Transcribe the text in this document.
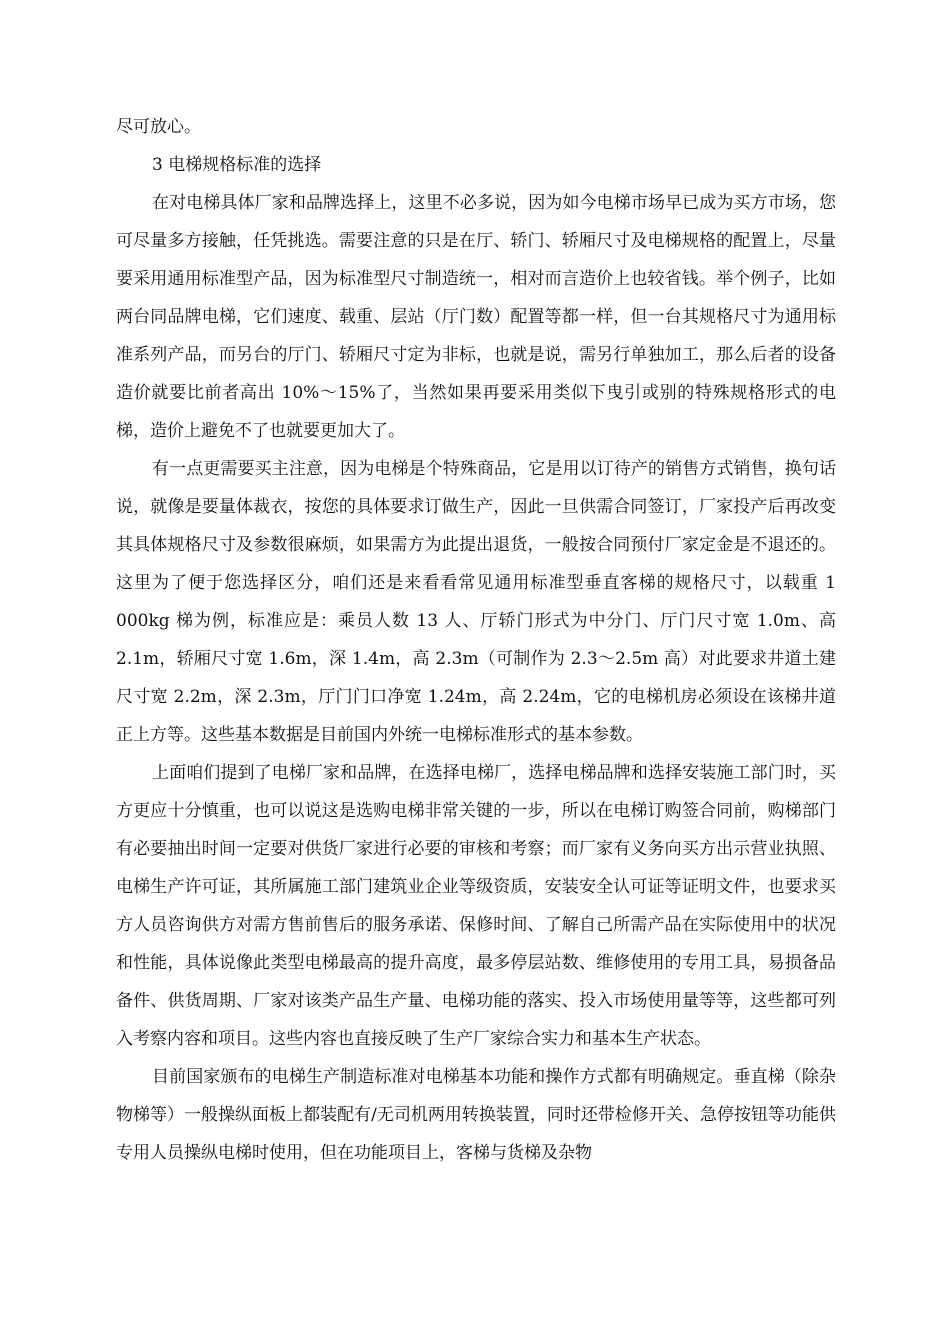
尽可放心。

3 电梯规格标准的选择

在对电梯具体厂家和品牌选择上，这里不必多说，因为如今电梯市场早已成为买方市场，您可尽量多方接触，任凭挑选。需要注意的只是在厅、轿门、轿厢尺寸及电梯规格的配置上，尽量要采用通用标准型产品，因为标准型尺寸制造统一，相对而言造价上也较省钱。举个例子，比如两台同品牌电梯，它们速度、载重、层站（厅门数）配置等都一样，但一台其规格尺寸为通用标准系列产品，而另台的厅门、轿厢尺寸定为非标，也就是说，需另行单独加工，那么后者的设备造价就要比前者高出 10%～15%了，当然如果再要采用类似下曳引或别的特殊规格形式的电梯，造价上避免不了也就要更加大了。

有一点更需要买主注意，因为电梯是个特殊商品，它是用以订待产的销售方式销售，换句话说，就像是要量体裁衣，按您的具体要求订做生产，因此一旦供需合同签订，厂家投产后再改变其具体规格尺寸及参数很麻烦，如果需方为此提出退货，一般按合同预付厂家定金是不退还的。这里为了便于您选择区分，咱们还是来看看常见通用标准型垂直客梯的规格尺寸，以载重 1 000kg 梯为例，标准应是：乘员人数 13 人、厅轿门形式为中分门、厅门尺寸宽 1.0m、高 2.1m，轿厢尺寸宽 1.6m，深 1.4m，高 2.3m（可制作为 2.3～2.5m 高）对此要求井道土建尺寸宽 2.2m，深 2.3m，厅门门口净宽 1.24m，高 2.24m，它的电梯机房必须设在该梯井道正上方等。这些基本数据是目前国内外统一电梯标准形式的基本参数。

上面咱们提到了电梯厂家和品牌，在选择电梯厂，选择电梯品牌和选择安装施工部门时，买方更应十分慎重，也可以说这是选购电梯非常关键的一步，所以在电梯订购签合同前，购梯部门有必要抽出时间一定要对供货厂家进行必要的审核和考察；而厂家有义务向买方出示营业执照、电梯生产许可证，其所属施工部门建筑业企业等级资质，安装安全认可证等证明文件，也要求买方人员咨询供方对需方售前售后的服务承诺、保修时间、了解自己所需产品在实际使用中的状况和性能，具体说像此类型电梯最高的提升高度，最多停层站数、维修使用的专用工具，易损备品备件、供货周期、厂家对该类产品生产量、电梯功能的落实、投入市场使用量等等，这些都可列入考察内容和项目。这些内容也直接反映了生产厂家综合实力和基本生产状态。

目前国家颁布的电梯生产制造标准对电梯基本功能和操作方式都有明确规定。垂直梯（除杂物梯等）一般操纵面板上都装配有/无司机两用转换装置，同时还带检修开关、急停按钮等功能供专用人员操纵电梯时使用，但在功能项目上，客梯与货梯及杂物
